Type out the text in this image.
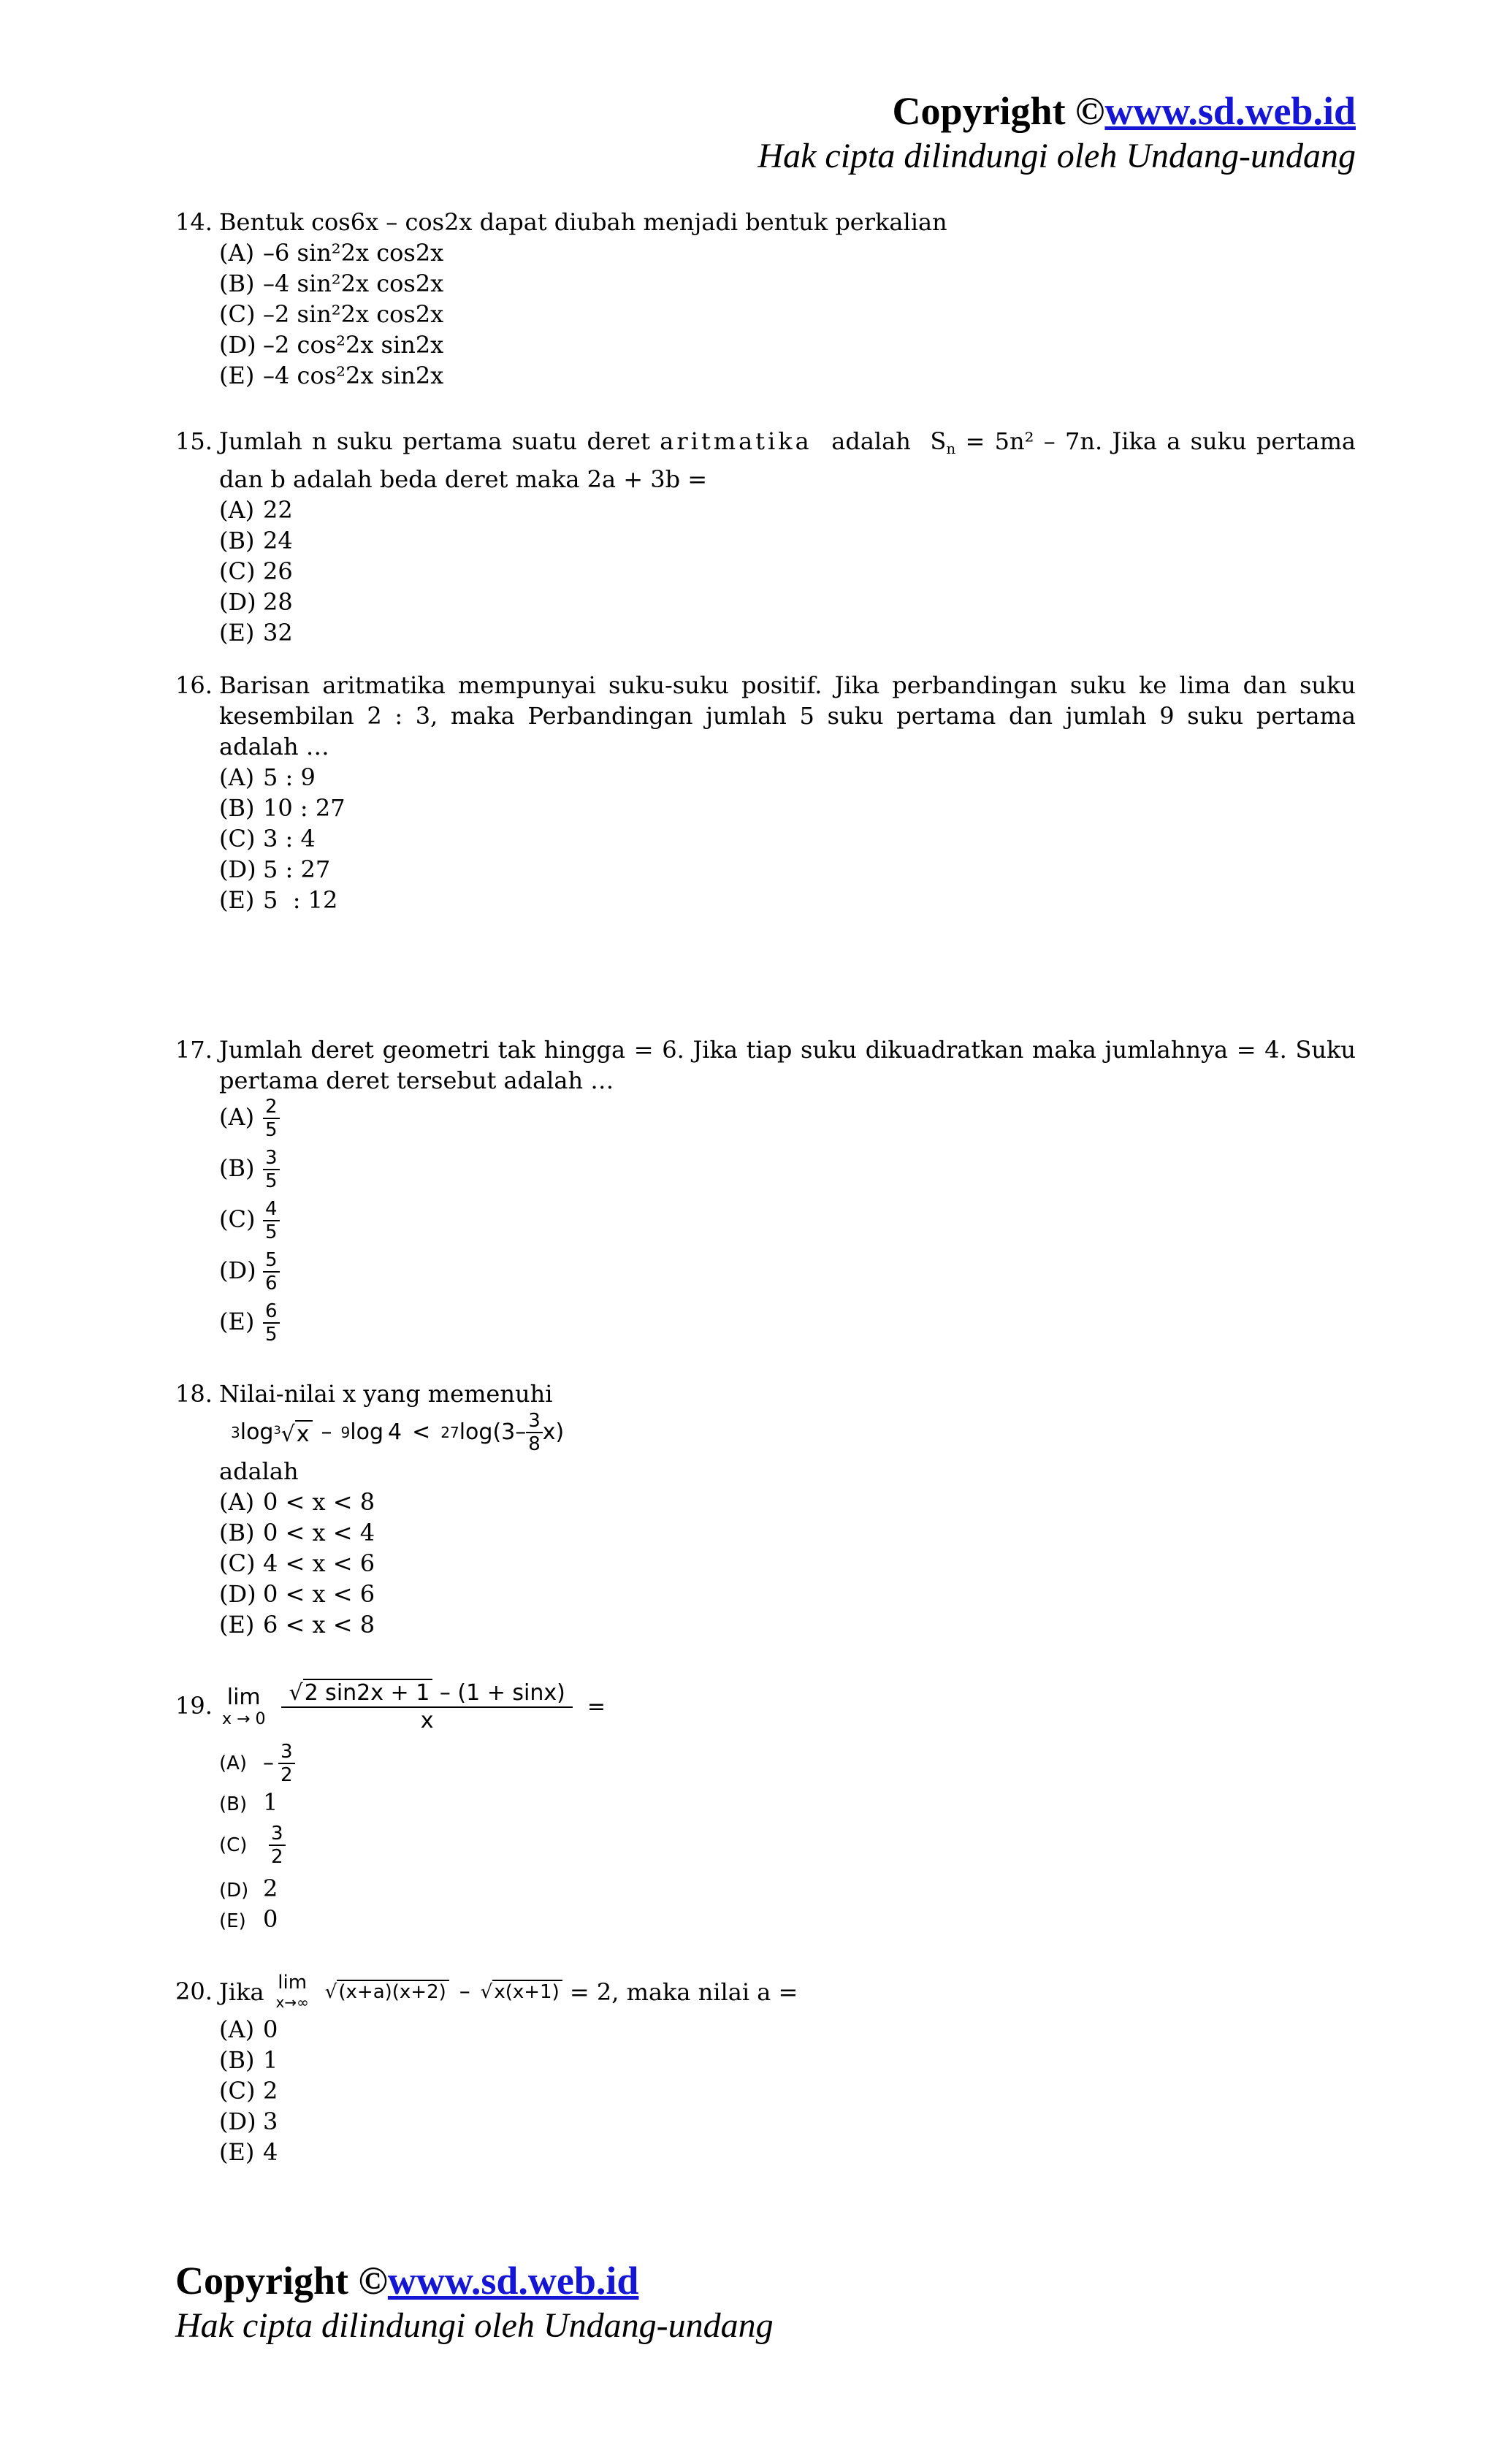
Copyright ©www.sd.web.id
Hak cipta dilindungi oleh Undang-undang
14. Bentuk cos6x – cos2x dapat diubah menjadi bentuk perkalian
(A) –6 sin²2x cos2x
(B) –4 sin²2x cos2x
(C) –2 sin²2x cos2x
(D) –2 cos²2x sin2x
(E) –4 cos²2x sin2x
15. Jumlah n suku pertama suatu deret aritmatika  adalah  $S_n = 5n^2 - 7n$. Jika a suku pertama dan b adalah beda deret maka 2a + 3b =
(A) 22
(B) 24
(C) 26
(D) 28
(E) 32
16. Barisan aritmatika mempunyai suku-suku positif. Jika perbandingan suku ke lima dan suku kesembilan 2 : 3, maka Perbandingan jumlah 5 suku pertama dan jumlah 9 suku pertama adalah …
(A) 5 : 9
(B) 10 : 27
(C) 3 : 4
(D) 5 : 27
(E) 5  : 12
17. Jumlah deret geometri tak hingga = 6. Jika tiap suku dikuadratkan maka jumlahnya = 4. Suku pertama deret tersebut adalah …
$(A) \frac{2}{5}$
$(B) \frac{3}{5}$
$(C) \frac{4}{5}$
$(D) \frac{5}{6}$
$(E) \frac{6}{5}$
18. Nilai-nilai x yang memenuhi
3 log $^3$√x – 9 log 4 < 27 log (3– 3
8 x)
adalah
(A) 0 < x < 8
(B) 0 < x < 4
(C) 4 < x < 6
(D) 0 < x < 6
(E) 6 < x < 8
19. lim
$x \to 0 \frac{√2 \sin 2x + 1 - (1 + \sin x)}{x}$ =
(A) – 3
2
(B) 1
(C)
3
2
(D) 2
(E) 0
20. Jika lim
x→∞ √(x+a)(x+2) – √x(x+1) = 2, maka nilai a =
(A) 0
(B) 1
(C) 2
(D) 3
(E) 4
Copyright ©www.sd.web.id
Hak cipta dilindungi oleh Undang-undang
